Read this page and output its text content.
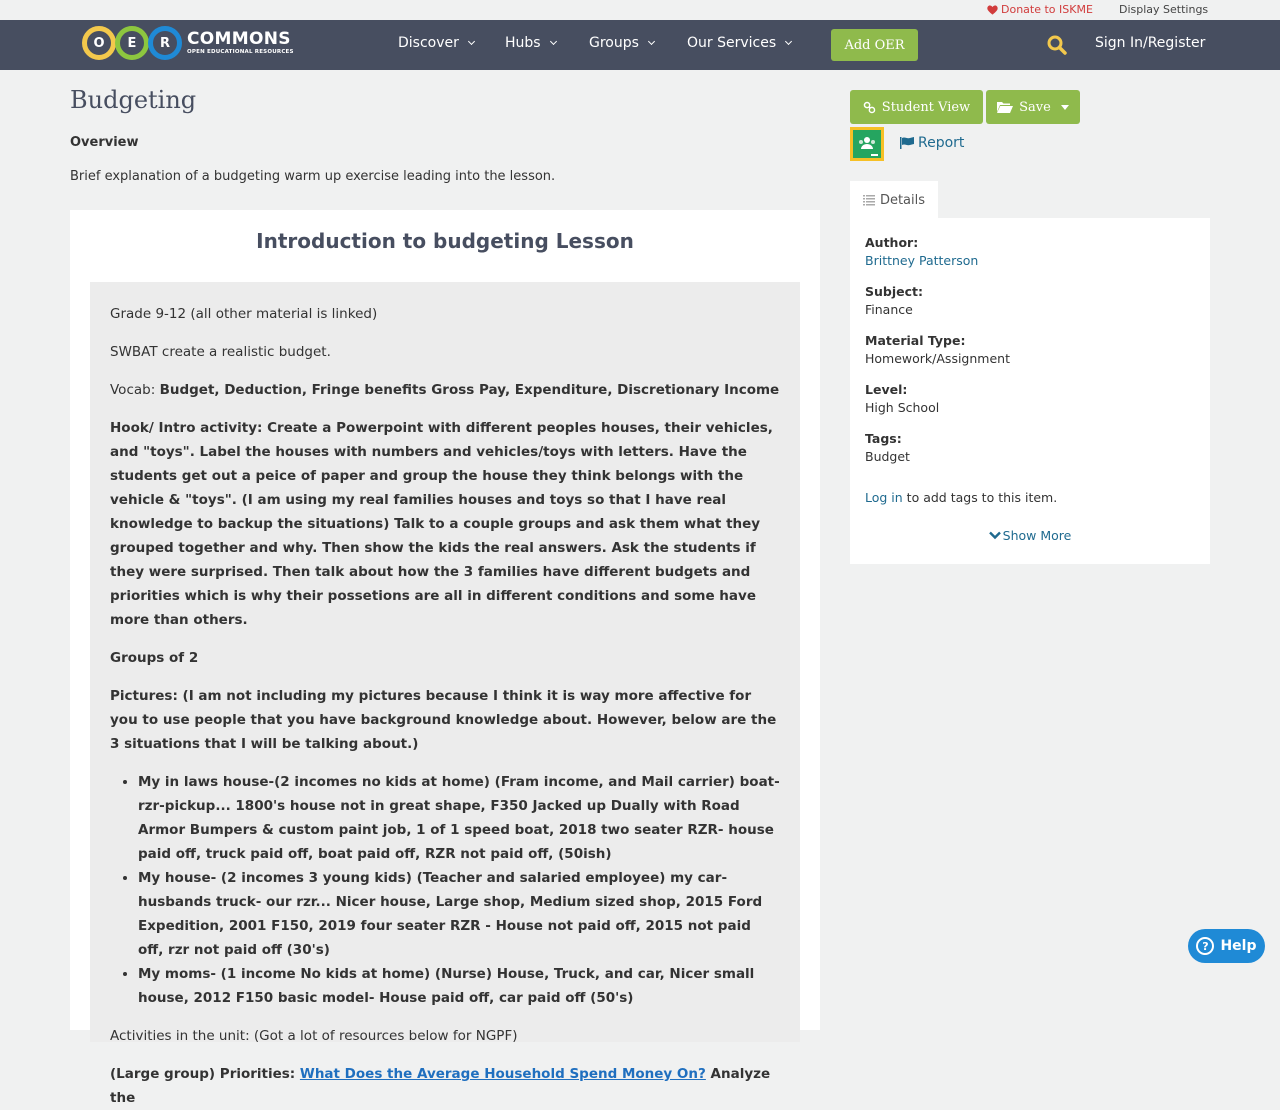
Donate to ISKME Display Settings
O	E	R	COMMONS
OPEN EDUCATIONAL RESOURCES
Discover	Hubs	Groups	Our Services	Add OER	Sign In/Register
Budgeting
Overview
Brief explanation of a budgeting warm up exercise leading into the lesson.
Introduction to budgeting Lesson

Grade 9-12 (all other material is linked)

SWBAT create a realistic budget.

Vocab: Budget, Deduction, Fringe benefits Gross Pay, Expenditure, Discretionary Income

Hook/ Intro activity: Create a Powerpoint with different peoples houses, their vehicles, and "toys". Label the houses with numbers and vehicles/toys with letters. Have the students get out a peice of paper and group the house they think belongs with the vehicle & "toys". (I am using my real families houses and toys so that I have real knowledge to backup the situations) Talk to a couple groups and ask them what they grouped together and why. Then show the kids the real answers. Ask the students if they were surprised. Then talk about how the 3 families have different budgets and priorities which is why their possetions are all in different conditions and some have more than others.

Groups of 2

Pictures: (I am not including my pictures because I think it is way more affective for you to use people that you have background knowledge about. However, below are the 3 situations that I will be talking about.)

• My in laws house-(2 incomes no kids at home) (Fram income, and Mail carrier) boat-rzr-pickup... 1800's house not in great shape, F350 Jacked up Dually with Road Armor Bumpers & custom paint job, 1 of 1 speed boat, 2018 two seater RZR- house paid off, truck paid off, boat paid off, RZR not paid off, (50ish)
• My house- (2 incomes 3 young kids) (Teacher and salaried employee) my car-husbands truck- our rzr... Nicer house, Large shop, Medium sized shop, 2015 Ford Expedition, 2001 F150, 2019 four seater RZR - House not paid off, 2015 not paid off, rzr not paid off (30's)
• My moms- (1 income No kids at home) (Nurse) House, Truck, and car, Nicer small house, 2012 F150 basic model- House paid off, car paid off (50's)

Activities in the unit: (Got a lot of resources below for NGPF)

(Large group) Priorities: What Does the Average Household Spend Money On? Analyze the

Student View	Save
Report
Details
Author:
Brittney Patterson
Subject:
Finance
Material Type:
Homework/Assignment
Level:
High School
Tags:
Budget
Log in to add tags to this item.
Show More
? Help
